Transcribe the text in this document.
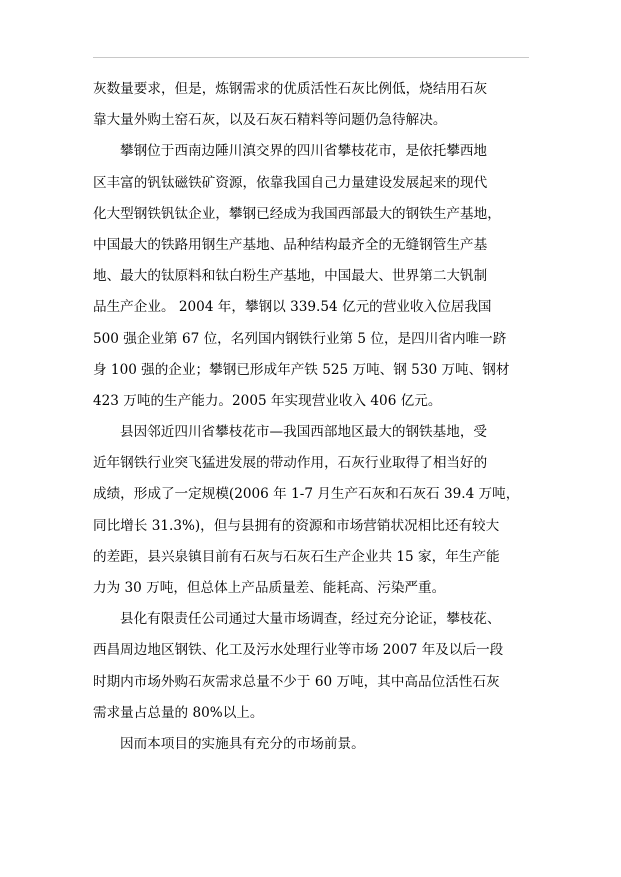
灰数量要求，但是，炼钢需求的优质活性石灰比例低，烧结用石灰
靠大量外购土窑石灰，以及石灰石精料等问题仍急待解决。
攀钢位于西南边陲川滇交界的四川省攀枝花市，是依托攀西地
区丰富的钒钛磁铁矿资源，依靠我国自己力量建设发展起来的现代
化大型钢铁钒钛企业，攀钢已经成为我国西部最大的钢铁生产基地，
中国最大的铁路用钢生产基地、品种结构最齐全的无缝钢管生产基
地、最大的钛原料和钛白粉生产基地，中国最大、世界第二大钒制
品生产企业。 2004 年，攀钢以 339.54 亿元的营业收入位居我国
500 强企业第 67 位，名列国内钢铁行业第 5 位，是四川省内唯一跻
身 100 强的企业；攀钢已形成年产铁 525 万吨、钢 530 万吨、钢材
423 万吨的生产能力。2005 年实现营业收入 406 亿元。
县因邻近四川省攀枝花市—我国西部地区最大的钢铁基地，受
近年钢铁行业突飞猛进发展的带动作用，石灰行业取得了相当好的
成绩，形成了一定规模(2006 年 1-7 月生产石灰和石灰石 39.4 万吨，
同比增长 31.3%)，但与县拥有的资源和市场营销状况相比还有较大
的差距，县兴泉镇目前有石灰与石灰石生产企业共 15 家，年生产能
力为 30 万吨，但总体上产品质量差、能耗高、污染严重。
县化有限责任公司通过大量市场调查，经过充分论证，攀枝花、
西昌周边地区钢铁、化工及污水处理行业等市场 2007 年及以后一段
时期内市场外购石灰需求总量不少于 60 万吨，其中高品位活性石灰
需求量占总量的 80%以上。
因而本项目的实施具有充分的市场前景。
